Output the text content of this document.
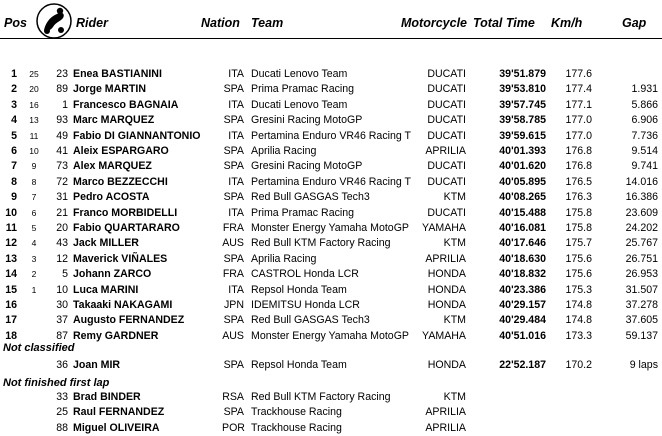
Pos	Rider	Nation Team	Motorcycle Total Time Km/h	Gap
1	25	23 Enea BASTIANINI	ITA Ducati Lenovo Team	DUCATI	39'51.879	177.6
2	20	89 Jorge MARTIN	SPA Prima Pramac Racing	DUCATI	39'53.810	177.4	1.931
3	16	1 Francesco BAGNAIA	ITA Ducati Lenovo Team	DUCATI	39'57.745	177.1	5.866
4	13	93 Marc MARQUEZ	SPA Gresini Racing MotoGP	DUCATI	39'58.785	177.0	6.906
5	11	49 Fabio DI GIANNANTONIO	ITA Pertamina Enduro VR46 Racing T	DUCATI	39'59.615	177.0	7.736
6	10	41 Aleix ESPARGARO	SPA Aprilia Racing	APRILIA	40'01.393	176.8	9.514
7	9	73 Alex MARQUEZ	SPA Gresini Racing MotoGP	DUCATI	40'01.620	176.8	9.741
8	8	72 Marco BEZZECCHI	ITA Pertamina Enduro VR46 Racing T	DUCATI	40'05.895	176.5	14.016
9	7	31 Pedro ACOSTA	SPA Red Bull GASGAS Tech3	KTM	40'08.265	176.3	16.386
10	6	21 Franco MORBIDELLI	ITA Prima Pramac Racing	DUCATI	40'15.488	175.8	23.609
11	5	20 Fabio QUARTARARO	FRA Monster Energy Yamaha MotoGP	YAMAHA	40'16.081	175.8	24.202
12	4	43 Jack MILLER	AUS Red Bull KTM Factory Racing	KTM	40'17.646	175.7	25.767
13	3	12 Maverick VIÑALES	SPA Aprilia Racing	APRILIA	40'18.630	175.6	26.751
14	2	5 Johann ZARCO	FRA CASTROL Honda LCR	HONDA	40'18.832	175.6	26.953
15	1	10 Luca MARINI	ITA Repsol Honda Team	HONDA	40'23.386	175.3	31.507
16	30 Takaaki NAKAGAMI	JPN IDEMITSU Honda LCR	HONDA	40'29.157	174.8	37.278
17	37 Augusto FERNANDEZ	SPA Red Bull GASGAS Tech3	KTM	40'29.484	174.8	37.605
18	87 Remy GARDNER	AUS Monster Energy Yamaha MotoGP	YAMAHA	40'51.016	173.3	59.137
Not classified
36 Joan MIR	SPA Repsol Honda Team	HONDA	22'52.187	170.2	9 laps
Not finished first lap
33 Brad BINDER	RSA Red Bull KTM Factory Racing	KTM
25 Raul FERNANDEZ	SPA Trackhouse Racing	APRILIA
88 Miguel OLIVEIRA	POR Trackhouse Racing	APRILIA
